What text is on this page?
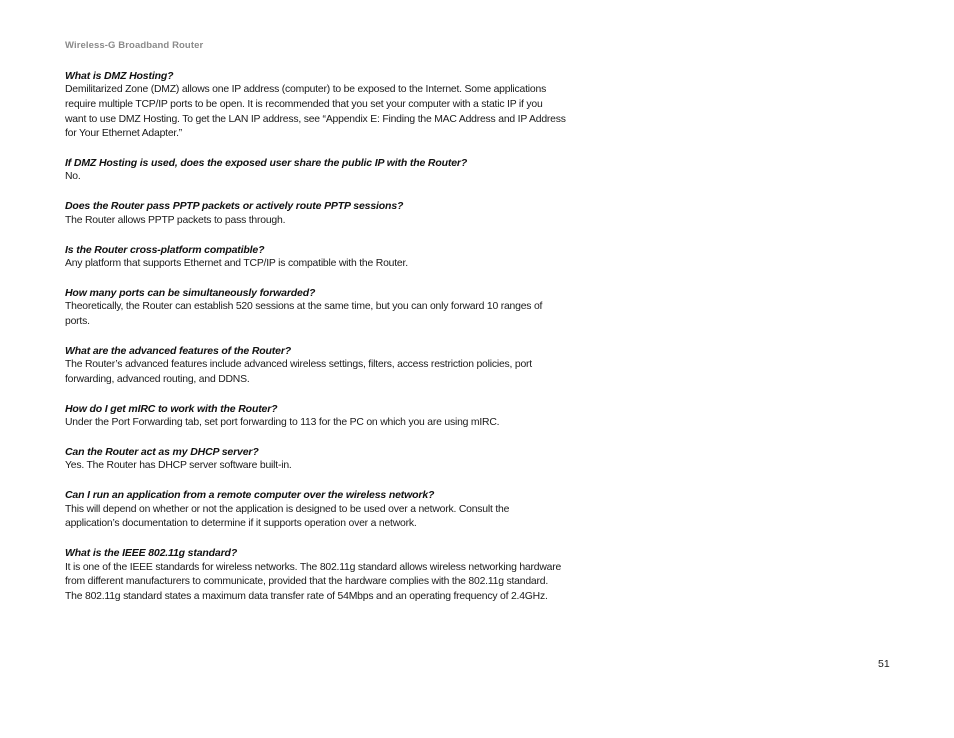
Wireless-G Broadband Router
What is DMZ Hosting?
Demilitarized Zone (DMZ) allows one IP address (computer) to be exposed to the Internet. Some applications
require multiple TCP/IP ports to be open. It is recommended that you set your computer with a static IP if you
want to use DMZ Hosting. To get the LAN IP address, see “Appendix E: Finding the MAC Address and IP Address
for Your Ethernet Adapter.”
If DMZ Hosting is used, does the exposed user share the public IP with the Router?
No.
Does the Router pass PPTP packets or actively route PPTP sessions?
The Router allows PPTP packets to pass through.
Is the Router cross-platform compatible?
Any platform that supports Ethernet and TCP/IP is compatible with the Router.
How many ports can be simultaneously forwarded?
Theoretically, the Router can establish 520 sessions at the same time, but you can only forward 10 ranges of
ports.
What are the advanced features of the Router?
The Router’s advanced features include advanced wireless settings, filters, access restriction policies, port
forwarding, advanced routing, and DDNS.
How do I get mIRC to work with the Router?
Under the Port Forwarding tab, set port forwarding to 113 for the PC on which you are using mIRC.
Can the Router act as my DHCP server?
Yes. The Router has DHCP server software built-in.
Can I run an application from a remote computer over the wireless network?
This will depend on whether or not the application is designed to be used over a network. Consult the
application’s documentation to determine if it supports operation over a network.
What is the IEEE 802.11g standard?
It is one of the IEEE standards for wireless networks. The 802.11g standard allows wireless networking hardware
from different manufacturers to communicate, provided that the hardware complies with the 802.11g standard.
The 802.11g standard states a maximum data transfer rate of 54Mbps and an operating frequency of 2.4GHz.
51
